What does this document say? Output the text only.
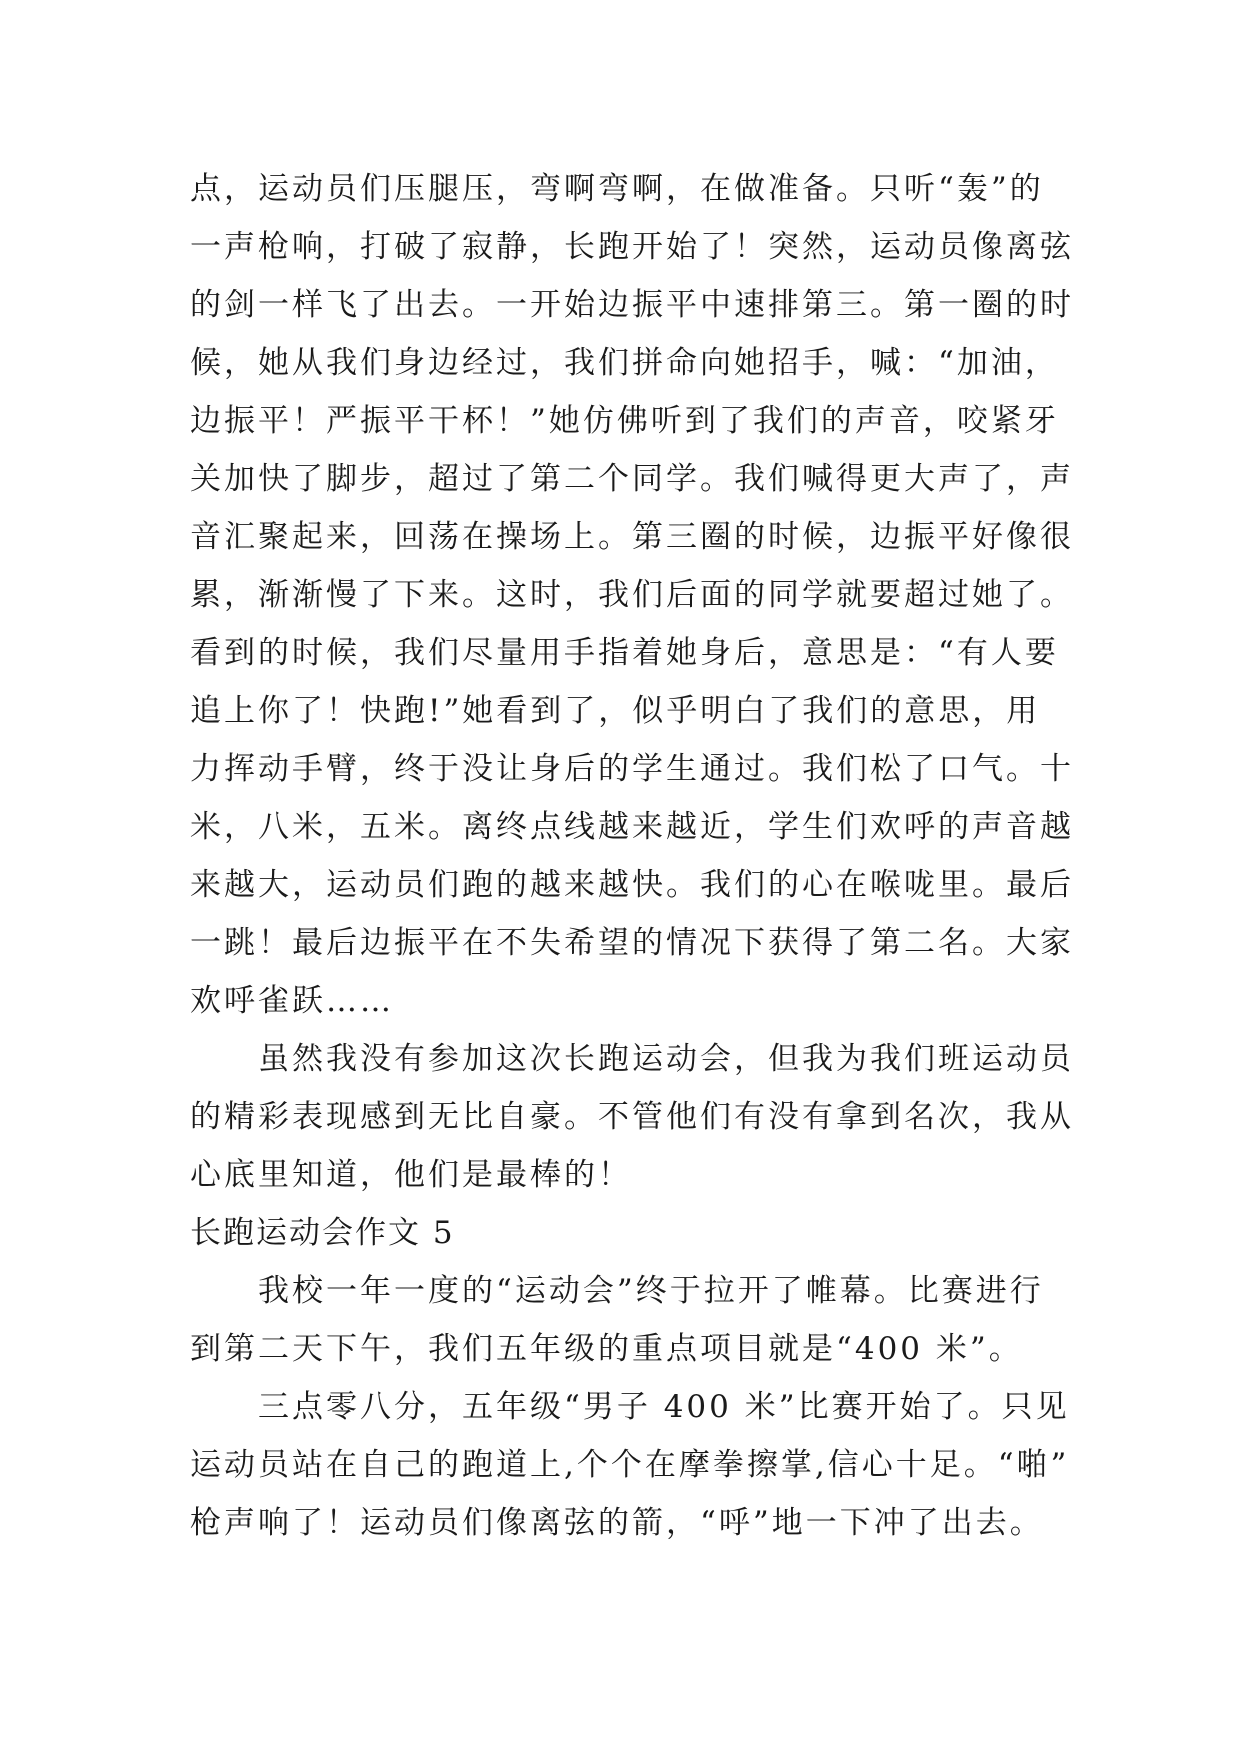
点，运动员们压腿压，弯啊弯啊，在做准备。只听“轰”的
一声枪响，打破了寂静，长跑开始了！突然，运动员像离弦
的剑一样飞了出去。一开始边振平中速排第三。第一圈的时
候，她从我们身边经过，我们拼命向她招手，喊：“加油，
边振平！严振平干杯！”她仿佛听到了我们的声音，咬紧牙
关加快了脚步，超过了第二个同学。我们喊得更大声了，声
音汇聚起来，回荡在操场上。第三圈的时候，边振平好像很
累，渐渐慢了下来。这时，我们后面的同学就要超过她了。
看到的时候，我们尽量用手指着她身后，意思是：“有人要
追上你了！快跑!”她看到了，似乎明白了我们的意思，用
力挥动手臂，终于没让身后的学生通过。我们松了口气。十
米，八米，五米。离终点线越来越近，学生们欢呼的声音越
来越大，运动员们跑的越来越快。我们的心在喉咙里。最后
一跳！最后边振平在不失希望的情况下获得了第二名。大家
欢呼雀跃……
虽然我没有参加这次长跑运动会，但我为我们班运动员
的精彩表现感到无比自豪。不管他们有没有拿到名次，我从
心底里知道，他们是最棒的！
长跑运动会作文 5
我校一年一度的“运动会”终于拉开了帷幕。比赛进行
到第二天下午，我们五年级的重点项目就是“400 米”。
三点零八分，五年级“男子 400 米”比赛开始了。只见
运动员站在自己的跑道上,个个在摩拳擦掌,信心十足。“啪”
枪声响了！运动员们像离弦的箭，“呼”地一下冲了出去。
